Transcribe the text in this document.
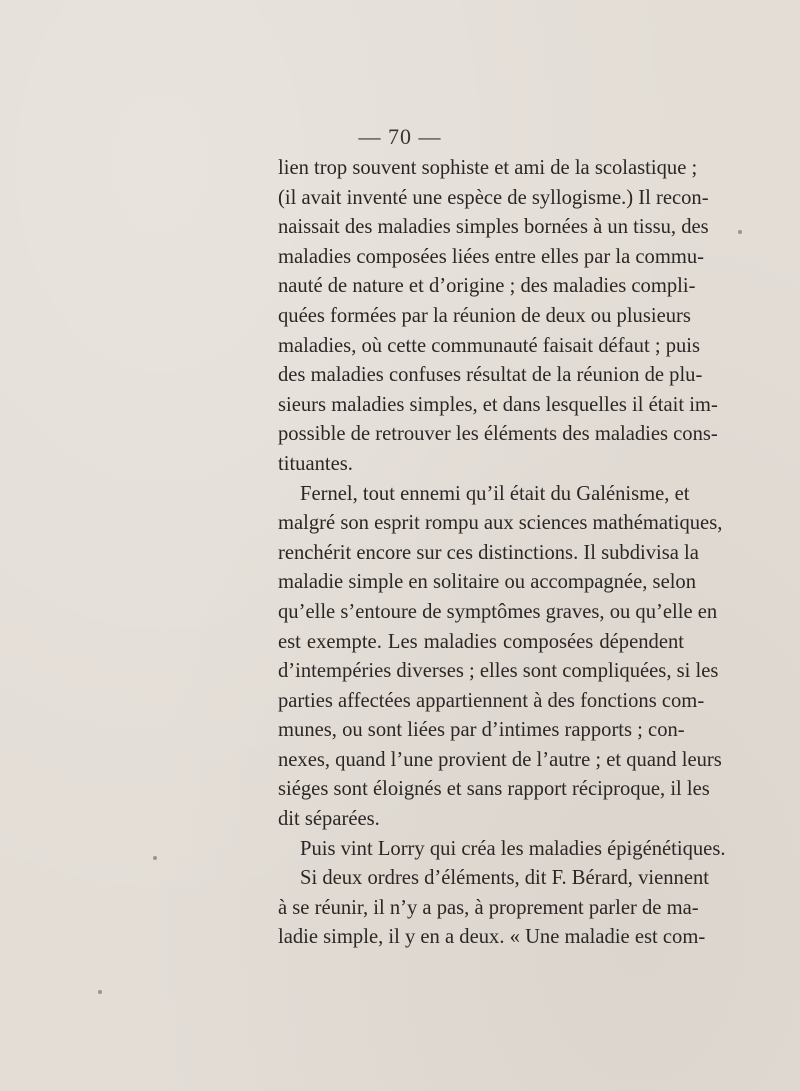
— 70 —
lien trop souvent sophiste et ami de la scolastique ;
(il avait inventé une espèce de syllogisme.) Il recon-
naissait des maladies simples bornées à un tissu, des
maladies composées liées entre elles par la commu-
nauté de nature et d’origine ; des maladies compli-
quées formées par la réunion de deux ou plusieurs
maladies, où cette communauté faisait défaut ; puis
des maladies confuses résultat de la réunion de plu-
sieurs maladies simples, et dans lesquelles il était im-
possible de retrouver les éléments des maladies cons-
tituantes.
Fernel, tout ennemi qu’il était du Galénisme, et
malgré son esprit rompu aux sciences mathématiques,
renchérit encore sur ces distinctions. Il subdivisa la
maladie simple en solitaire ou accompagnée, selon
qu’elle s’entoure de symptômes graves, ou qu’elle en
est exempte. Les maladies composées dépendent
d’intempéries diverses ; elles sont compliquées, si les
parties affectées appartiennent à des fonctions com-
munes, ou sont liées par d’intimes rapports ; con-
nexes, quand l’une provient de l’autre ; et quand leurs
siéges sont éloignés et sans rapport réciproque, il les
dit séparées.
Puis vint Lorry qui créa les maladies épigénétiques.
Si deux ordres d’éléments, dit F. Bérard, viennent
à se réunir, il n’y a pas, à proprement parler de ma-
ladie simple, il y en a deux. « Une maladie est com-
